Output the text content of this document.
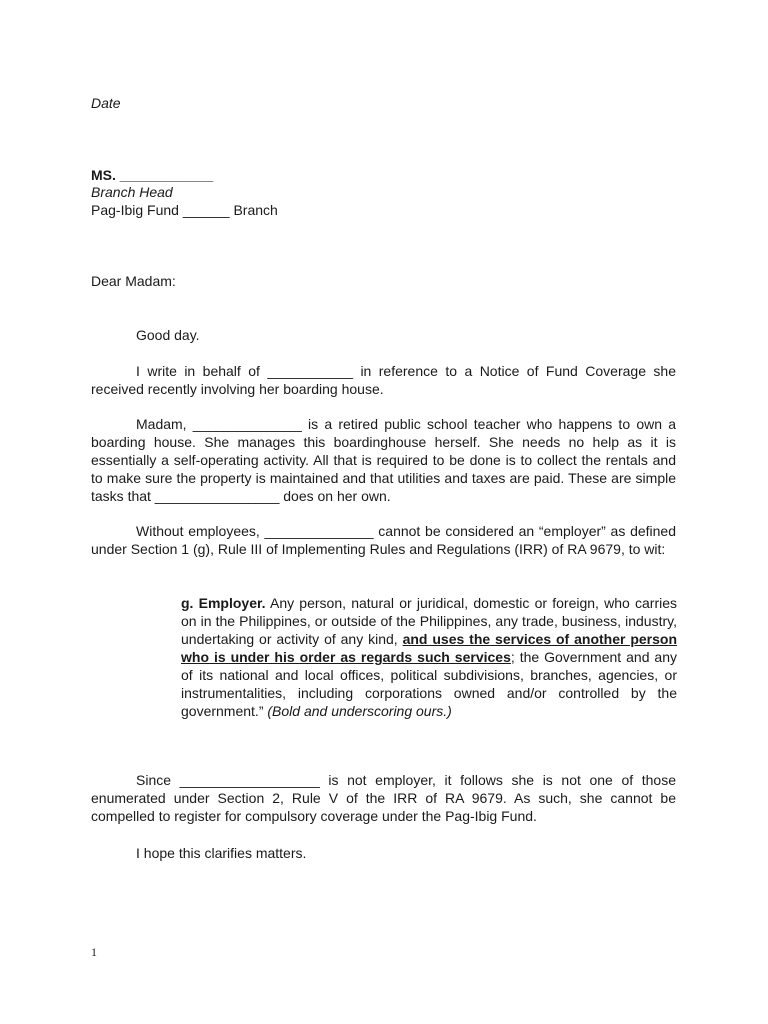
Date
MS. ____________
Branch Head
Pag-Ibig Fund ______ Branch
Dear Madam:
Good day.
I write in behalf of ___________ in reference to a Notice of Fund Coverage she received recently involving her boarding house.
Madam, ______________ is a retired public school teacher who happens to own a boarding house. She manages this boardinghouse herself. She needs no help as it is essentially a self-operating activity. All that is required to be done is to collect the rentals and to make sure the property is maintained and that utilities and taxes are paid. These are simple tasks that ________________ does on her own.
Without employees, ______________ cannot be considered an “employer” as defined under Section 1 (g), Rule III of Implementing Rules and Regulations (IRR) of RA 9679, to wit:
g. Employer. Any person, natural or juridical, domestic or foreign, who carries on in the Philippines, or outside of the Philippines, any trade, business, industry, undertaking or activity of any kind, and uses the services of another person who is under his order as regards such services; the Government and any of its national and local offices, political subdivisions, branches, agencies, or instrumentalities, including corporations owned and/or controlled by the government.” (Bold and underscoring ours.)
Since __________________ is not employer, it follows she is not one of those enumerated under Section 2, Rule V of the IRR of RA 9679. As such, she cannot be compelled to register for compulsory coverage under the Pag-Ibig Fund.
I hope this clarifies matters.
1
